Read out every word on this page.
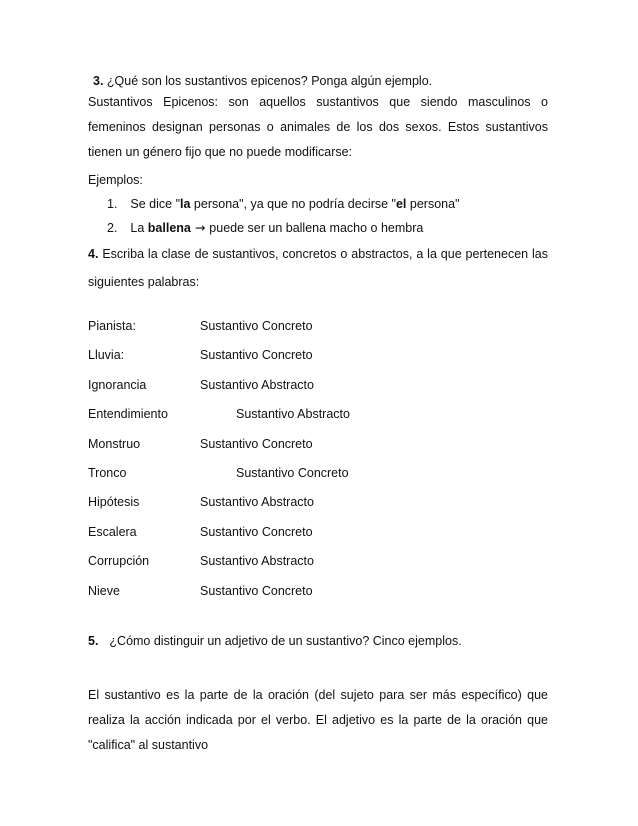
3. ¿Qué son los sustantivos epicenos? Ponga algún ejemplo.
Sustantivos Epicenos: son aquellos sustantivos que siendo masculinos o
femeninos designan personas o animales de los dos sexos. Estos sustantivos
tienen un género fijo que no puede modificarse:
Ejemplos:
1. Se dice "la persona", ya que no podría decirse "el persona"
2. La ballena → puede ser un ballena macho o hembra
4. Escriba la clase de sustantivos, concretos o abstractos, a la que pertenecen las
siguientes palabras:
Pianista:	Sustantivo Concreto
Lluvia:	Sustantivo Concreto
Ignorancia	Sustantivo Abstracto
Entendimiento	Sustantivo Abstracto
Monstruo	Sustantivo Concreto
Tronco	Sustantivo Concreto
Hipótesis	Sustantivo Abstracto
Escalera	Sustantivo Concreto
Corrupción	Sustantivo Abstracto
Nieve	Sustantivo Concreto
5. ¿Cómo distinguir un adjetivo de un sustantivo? Cinco ejemplos.
El sustantivo es la parte de la oración (del sujeto para ser más específico) que
realiza la acción indicada por el verbo. El adjetivo es la parte de la oración que
"califica" al sustantivo
